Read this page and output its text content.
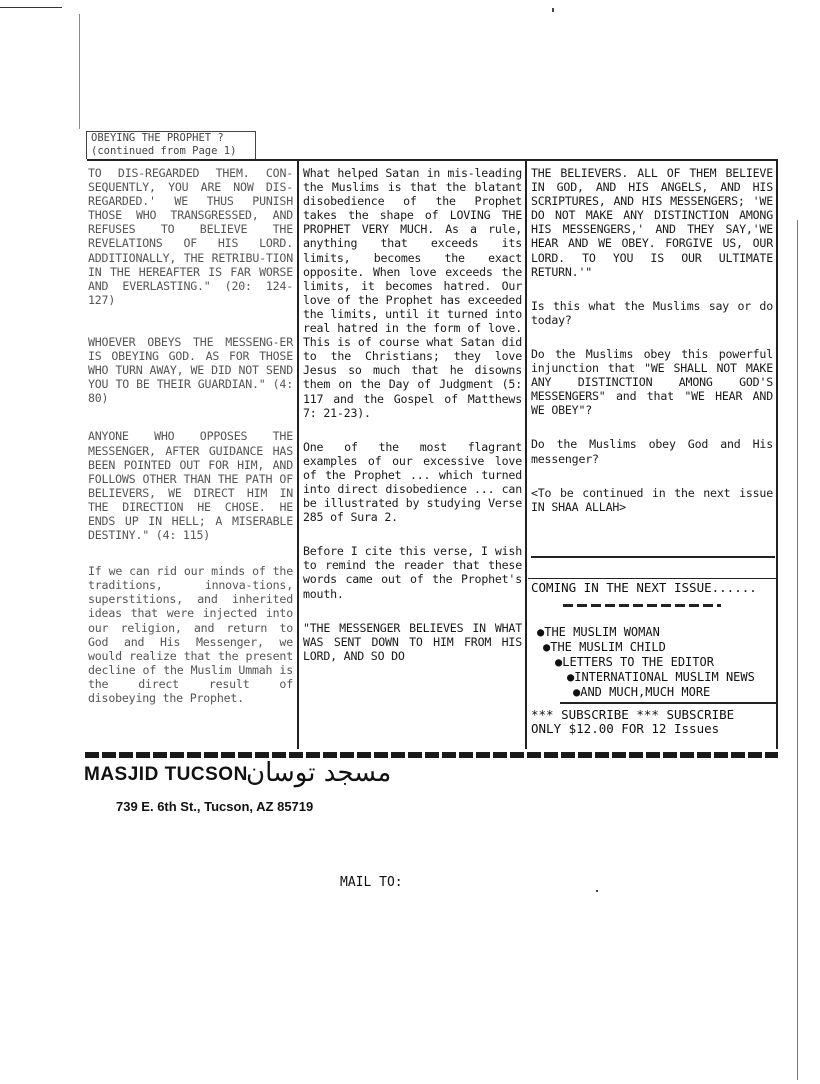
OBEYING THE PROPHET ?
(continued from Page 1)

TO DIS-REGARDED THEM. CON-SEQUENTLY, YOU ARE NOW DIS-REGARDED.' WE THUS PUNISH THOSE WHO TRANSGRESSED, AND REFUSES TO BELIEVE THE REVELATIONS OF HIS LORD. ADDITIONALLY, THE RETRIBU-TION IN THE HEREAFTER IS FAR WORSE AND EVERLASTING." (20: 124-127)

WHOEVER OBEYS THE MESSENG-ER IS OBEYING GOD. AS FOR THOSE WHO TURN AWAY, WE DID NOT SEND YOU TO BE THEIR GUARDIAN." (4: 80)

ANYONE WHO OPPOSES THE MESSENGER, AFTER GUIDANCE HAS BEEN POINTED OUT FOR HIM, AND FOLLOWS OTHER THAN THE PATH OF BELIEVERS, WE DIRECT HIM IN THE DIRECTION HE CHOSE. HE ENDS UP IN HELL; A MISERABLE DESTINY." (4: 115)

If we can rid our minds of the traditions, innova-tions, superstitions, and inherited ideas that were injected into our religion, and return to God and His Messenger, we would realize that the present decline of the Muslim Ummah is the direct result of disobeying the Prophet.

What helped Satan in mis-leading the Muslims is that the blatant disobedience of the Prophet takes the shape of LOVING THE PROPHET VERY MUCH. As a rule, anything that exceeds its limits, becomes the exact opposite. When love exceeds the limits, it becomes hatred. Our love of the Prophet has exceeded the limits, until it turned into real hatred in the form of love. This is of course what Satan did to the Christians; they love Jesus so much that he disowns them on the Day of Judgment (5: 117 and the Gospel of Matthews 7: 21-23).

One of the most flagrant examples of our excessive love of the Prophet ... which turned into direct disobedience ... can be illustrated by studying Verse 285 of Sura 2.

Before I cite this verse, I wish to remind the reader that these words came out of the Prophet's mouth.

"THE MESSENGER BELIEVES IN WHAT WAS SENT DOWN TO HIM FROM HIS LORD, AND SO DO

THE BELIEVERS. ALL OF THEM BELIEVE IN GOD, AND HIS ANGELS, AND HIS SCRIPTURES, AND HIS MESSENGERS; 'WE DO NOT MAKE ANY DISTINCTION AMONG HIS MESSENGERS,' AND THEY SAY,'WE HEAR AND WE OBEY. FORGIVE US, OUR LORD. TO YOU IS OUR ULTIMATE RETURN.'"

Is this what the Muslims say or do today?

Do the Muslims obey this powerful injunction that "WE SHALL NOT MAKE ANY DISTINCTION AMONG GOD'S MESSENGERS" and that "WE HEAR AND WE OBEY"?

Do the Muslims obey God and His messenger?

<To be continued in the next issue IN SHAA ALLAH>

COMING IN THE NEXT ISSUE......
●THE MUSLIM WOMAN
●THE MUSLIM CHILD
●LETTERS TO THE EDITOR
●INTERNATIONAL MUSLIM NEWS
●AND MUCH,MUCH MORE
*** SUBSCRIBE *** SUBSCRIBE
ONLY $12.00 FOR 12 Issues
MASJID TUCSON
مسجد توسان
739 E. 6th St., Tucson, AZ 85719
MAIL TO:
